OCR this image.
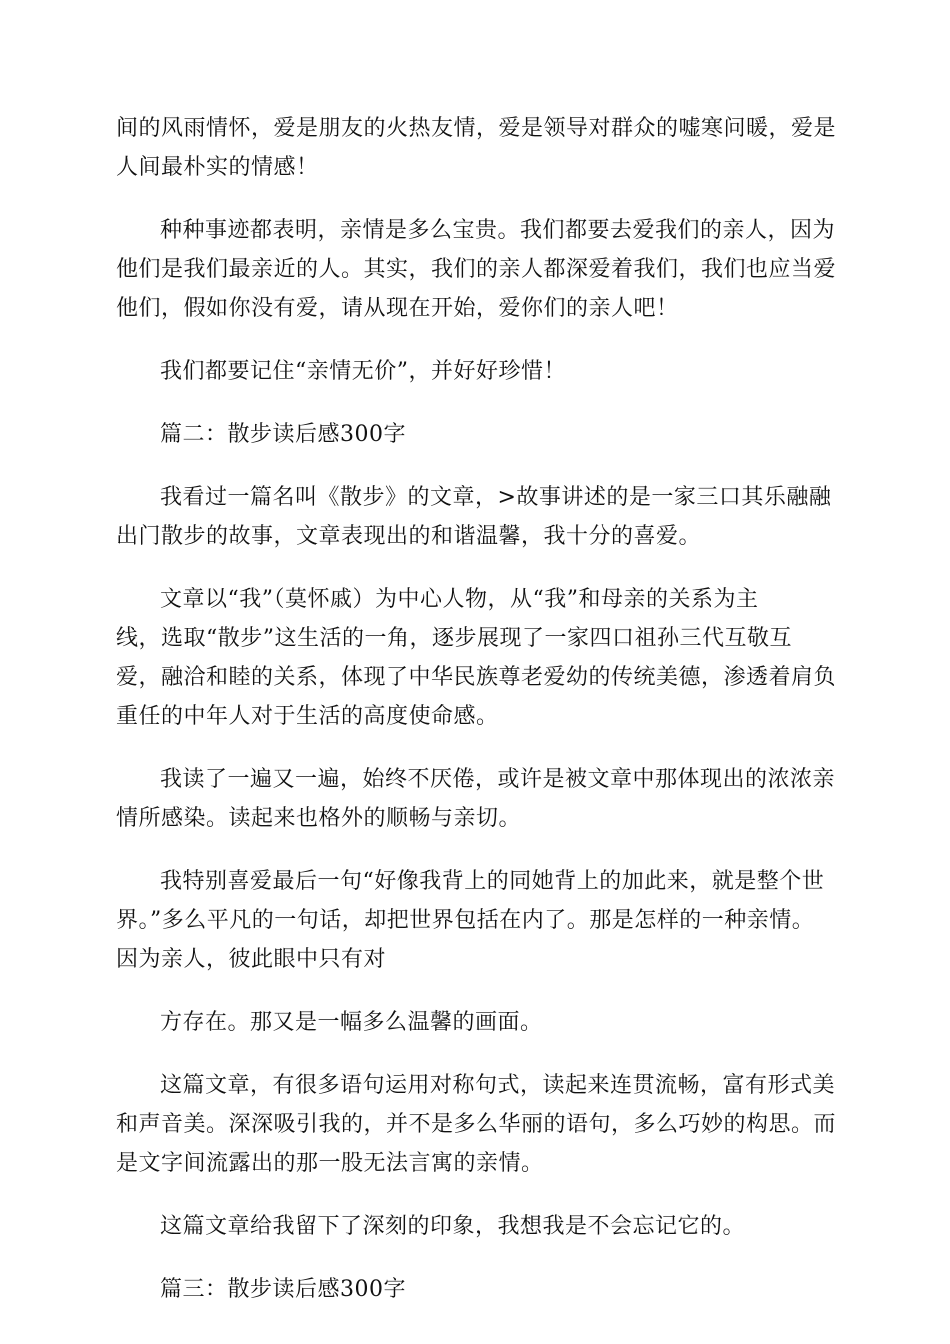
间的风雨情怀，爱是朋友的火热友情，爱是领导对群众的嘘寒问暖，爱是
人间最朴实的情感！

种种事迹都表明，亲情是多么宝贵。我们都要去爱我们的亲人，因为
他们是我们最亲近的人。其实，我们的亲人都深爱着我们，我们也应当爱
他们，假如你没有爱，请从现在开始，爱你们的亲人吧！

我们都要记住“亲情无价”，并好好珍惜！

篇二：散步读后感300字

我看过一篇名叫《散步》的文章，>故事讲述的是一家三口其乐融融
出门散步的故事，文章表现出的和谐温馨，我十分的喜爱。

文章以“我”（莫怀戚）为中心人物，从“我”和母亲的关系为主
线，选取“散步”这生活的一角，逐步展现了一家四口祖孙三代互敬互
爱，融洽和睦的关系，体现了中华民族尊老爱幼的传统美德，渗透着肩负
重任的中年人对于生活的高度使命感。

我读了一遍又一遍，始终不厌倦，或许是被文章中那体现出的浓浓亲
情所感染。读起来也格外的顺畅与亲切。

我特别喜爱最后一句“好像我背上的同她背上的加此来，就是整个世
界。”多么平凡的一句话，却把世界包括在内了。那是怎样的一种亲情。
因为亲人，彼此眼中只有对

方存在。那又是一幅多么温馨的画面。

这篇文章，有很多语句运用对称句式，读起来连贯流畅，富有形式美
和声音美。深深吸引我的，并不是多么华丽的语句，多么巧妙的构思。而
是文字间流露出的那一股无法言寓的亲情。

这篇文章给我留下了深刻的印象，我想我是不会忘记它的。

篇三：散步读后感300字
